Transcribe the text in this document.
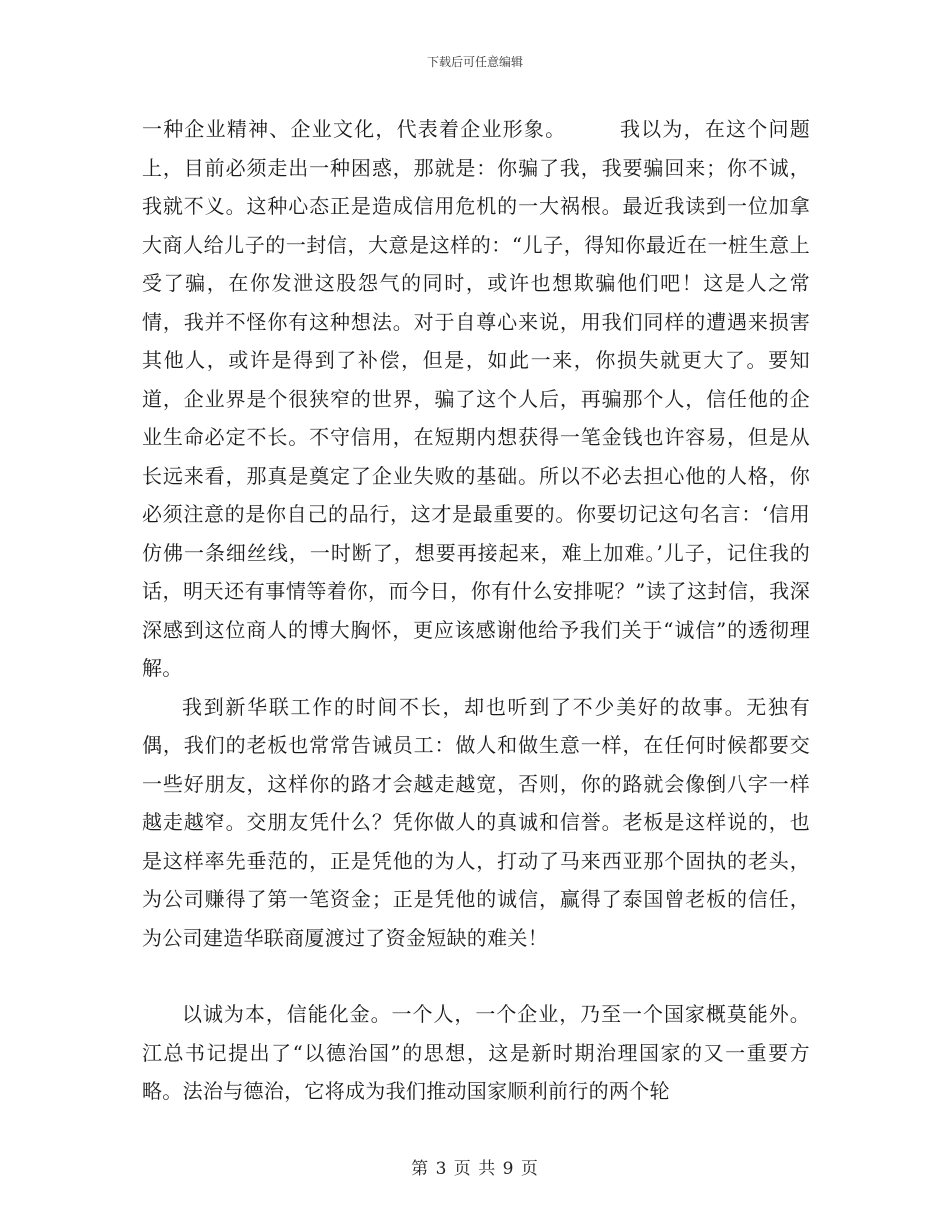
下载后可任意编辑

一种企业精神、企业文化，代表着企业形象。　　　我以为，在这个问题上，目前必须走出一种困惑，那就是：你骗了我，我要骗回来；你不诚，我就不义。这种心态正是造成信用危机的一大祸根。最近我读到一位加拿大商人给儿子的一封信，大意是这样的：“儿子，得知你最近在一桩生意上受了骗，在你发泄这股怨气的同时，或许也想欺骗他们吧！这是人之常情，我并不怪你有这种想法。对于自尊心来说，用我们同样的遭遇来损害其他人，或许是得到了补偿，但是，如此一来，你损失就更大了。要知道，企业界是个很狭窄的世界，骗了这个人后，再骗那个人，信任他的企业生命必定不长。不守信用，在短期内想获得一笔金钱也许容易，但是从长远来看，那真是奠定了企业失败的基础。所以不必去担心他的人格，你必须注意的是你自己的品行，这才是最重要的。你要切记这句名言：‘信用仿佛一条细丝线，一时断了，想要再接起来，难上加难。’儿子，记住我的话，明天还有事情等着你，而今日，你有什么安排呢？”读了这封信，我深深感到这位商人的博大胸怀，更应该感谢他给予我们关于“诚信”的透彻理解。

我到新华联工作的时间不长，却也听到了不少美好的故事。无独有偶，我们的老板也常常告诫员工：做人和做生意一样，在任何时候都要交一些好朋友，这样你的路才会越走越宽，否则，你的路就会像倒八字一样越走越窄。交朋友凭什么？凭你做人的真诚和信誉。老板是这样说的，也是这样率先垂范的，正是凭他的为人，打动了马来西亚那个固执的老头，为公司赚得了第一笔资金；正是凭他的诚信，赢得了泰国曾老板的信任，为公司建造华联商厦渡过了资金短缺的难关！

以诚为本，信能化金。一个人，一个企业，乃至一个国家概莫能外。江总书记提出了“以德治国”的思想，这是新时期治理国家的又一重要方略。法治与德治，它将成为我们推动国家顺利前行的两个轮

第 3 页 共 9 页
